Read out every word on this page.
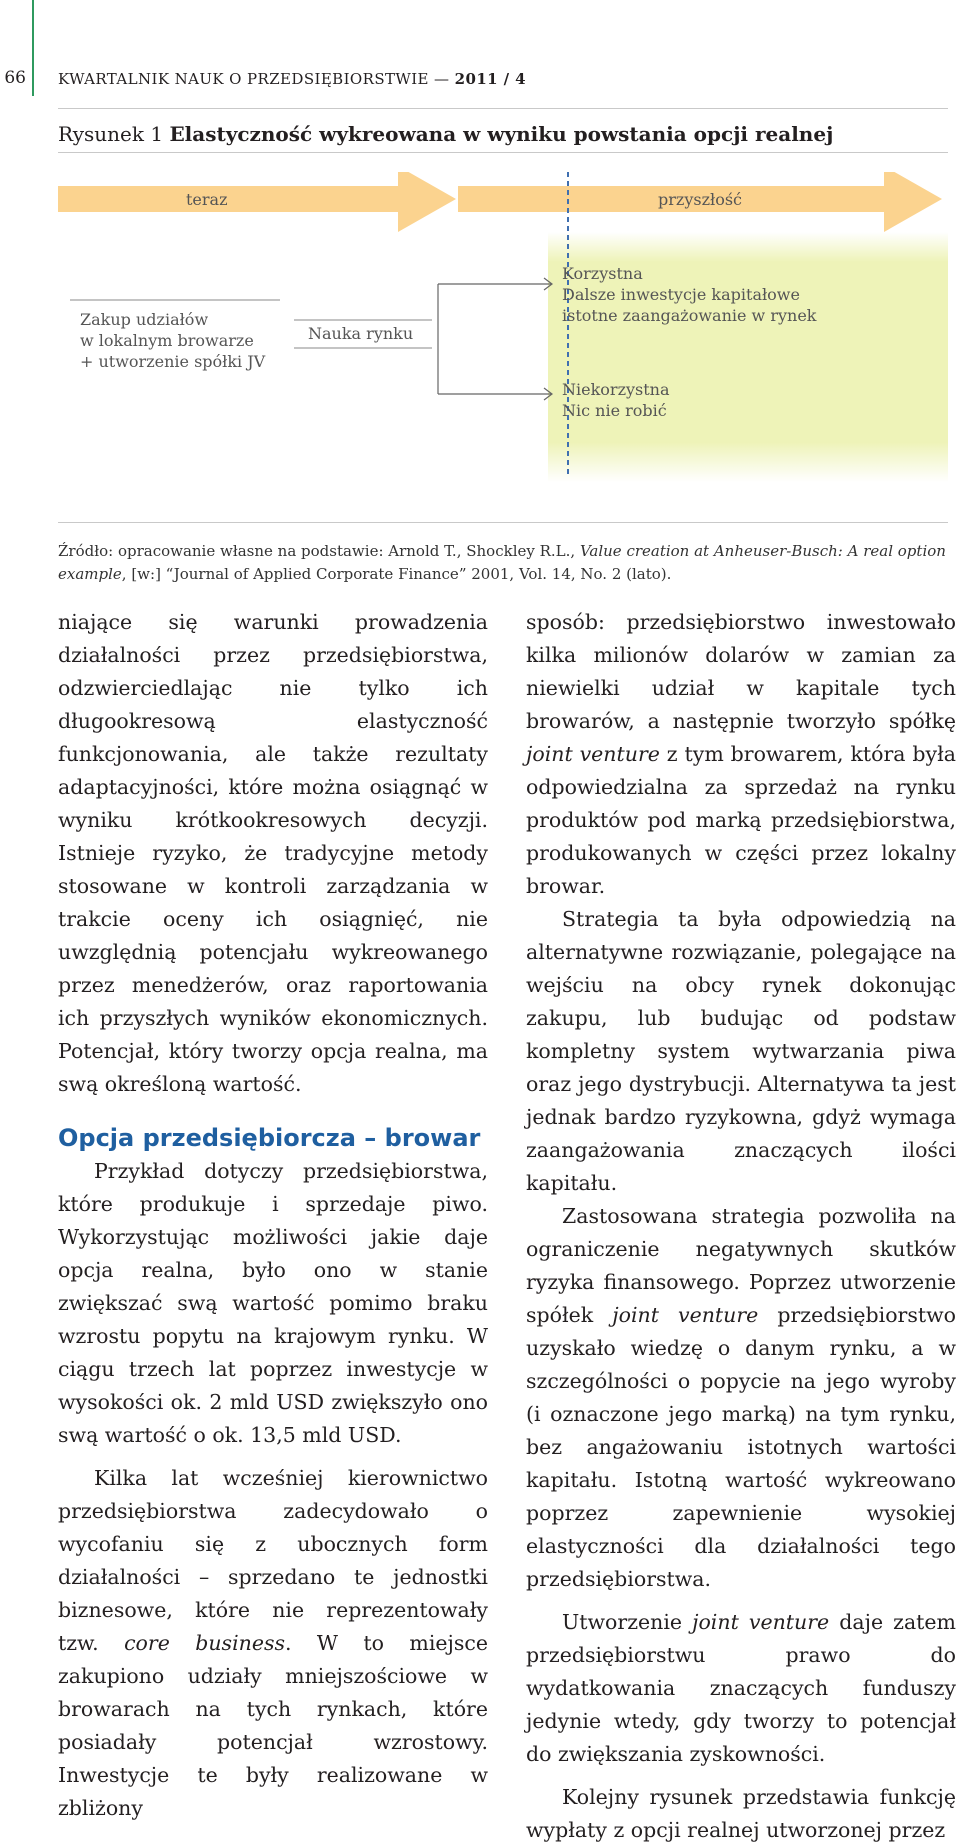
66 KWARTALNIK NAUK O PRZEDSIĘBIORSTWIE — 2011 / 4
Rysunek 1 Elastyczność wykreowana w wyniku powstania opcji realnej
teraz	przyszłość
Zakup udziałów
w lokalnym browarze
+ utworzenie spółki JV
Nauka rynku
Korzystna
Dalsze inwestycje kapitałowe
istotne zaangażowanie w rynek
Niekorzystna
Nic nie robić
Źródło: opracowanie własne na podstawie: Arnold T., Shockley R.L., Value creation at Anheuser-Busch: A real option example, [w:] “Journal of Applied Corporate Finance” 2001, Vol. 14, No. 2 (lato).

niające się warunki prowadzenia działalności przez przedsiębiorstwa, odzwierciedlając nie tylko ich długookresową elastyczność funkcjonowania, ale także rezultaty adaptacyjności, które można osiągnąć w wyniku krótkookresowych decyzji. Istnieje ryzyko, że tradycyjne metody stosowane w kontroli zarządzania w trakcie oceny ich osiągnięć, nie uwzględnią potencjału wykreowanego przez menedżerów, oraz raportowania ich przyszłych wyników ekonomicznych. Potencjał, który tworzy opcja realna, ma swą określoną wartość.

Opcja przedsiębiorcza – browar

Przykład dotyczy przedsiębiorstwa, które produkuje i sprzedaje piwo. Wykorzystując możliwości jakie daje opcja realna, było ono w stanie zwiększać swą wartość pomimo braku wzrostu popytu na krajowym rynku. W ciągu trzech lat poprzez inwestycje w wysokości ok. 2 mld USD zwiększyło ono swą wartość o ok. 13,5 mld USD.

Kilka lat wcześniej kierownictwo przedsiębiorstwa zadecydowało o wycofaniu się z ubocznych form działalności – sprzedano te jednostki biznesowe, które nie reprezentowały tzw. core business. W to miejsce zakupiono udziały mniejszościowe w browarach na tych rynkach, które posiadały potencjał wzrostowy. Inwestycje te były realizowane w zbliżony

sposób: przedsiębiorstwo inwestowało kilka milionów dolarów w zamian za niewielki udział w kapitale tych browarów, a następnie tworzyło spółkę joint venture z tym browarem, która była odpowiedzialna za sprzedaż na rynku produktów pod marką przedsiębiorstwa, produkowanych w części przez lokalny browar.

Strategia ta była odpowiedzią na alternatywne rozwiązanie, polegające na wejściu na obcy rynek dokonując zakupu, lub budując od podstaw kompletny system wytwarzania piwa oraz jego dystrybucji. Alternatywa ta jest jednak bardzo ryzykowna, gdyż wymaga zaangażowania znaczących ilości kapitału.

Zastosowana strategia pozwoliła na ograniczenie negatywnych skutków ryzyka finansowego. Poprzez utworzenie spółek joint venture przedsiębiorstwo uzyskało wiedzę o danym rynku, a w szczególności o popycie na jego wyroby (i oznaczone jego marką) na tym rynku, bez angażowaniu istotnych wartości kapitału. Istotną wartość wykreowano poprzez zapewnienie wysokiej elastyczności dla działalności tego przedsiębiorstwa.

Utworzenie joint venture daje zatem przedsiębiorstwu prawo do wydatkowania znaczących funduszy jedynie wtedy, gdy tworzy to potencjał do zwiększania zyskowności.

Kolejny rysunek przedstawia funkcję wypłaty z opcji realnej utworzonej przez
